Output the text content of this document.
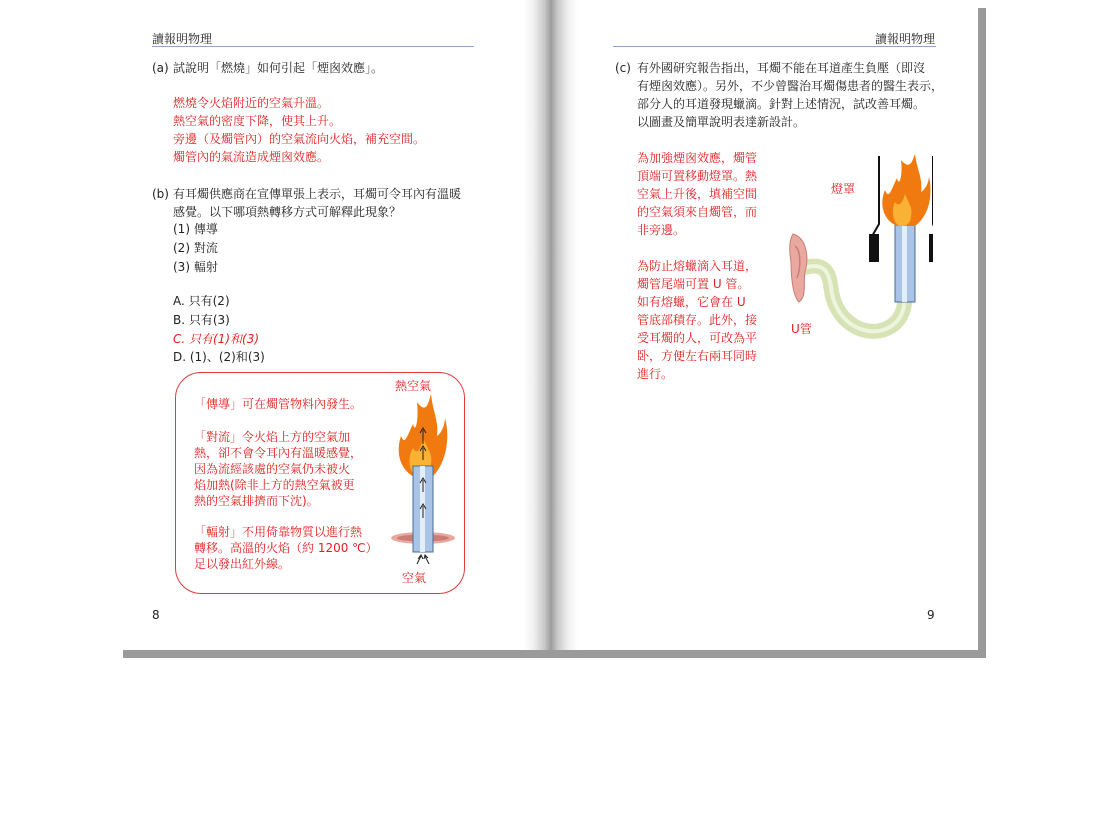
讀報明物理
(a) 試說明「燃燒」如何引起「煙囪效應」。
燃燒令火焰附近的空氣升溫。
熱空氣的密度下降，使其上升。
旁邊（及燭管內）的空氣流向火焰，補充空間。
燭管內的氣流造成煙囪效應。
(b) 有耳燭供應商在宣傳單張上表示，耳燭可令耳內有溫暖
感覺。以下哪項熱轉移方式可解釋此現象？
(1) 傳導
(2) 對流
(3) 輻射
A. 只有(2)
B. 只有(3)
C. 只有(1)和(3)
D. (1)、(2)和(3)
「傳導」可在燭管物料內發生。
「對流」令火焰上方的空氣加
熱，卻不會令耳內有溫暖感覺，
因為流經該處的空氣仍未被火
焰加熱(除非上方的熱空氣被更
熱的空氣排擠而下沈)。
「輻射」不用倚靠物質以進行熱
轉移。高溫的火焰（約 1200 ℃）
足以發出紅外線。
熱空氣
空氣
8
讀報明物理
(c) 有外國研究報告指出，耳燭不能在耳道產生負壓（即沒
有煙囪效應）。另外，不少曾醫治耳燭傷患者的醫生表示，
部分人的耳道發現蠟滴。針對上述情況，試改善耳燭。
以圖畫及簡單說明表達新設計。
為加強煙囪效應，燭管
頂端可置移動燈罩。熱
空氣上升後，填補空間
的空氣須來自燭管，而
非旁邊。
為防止熔蠟滴入耳道，
燭管尾端可置 U 管。
如有熔蠟，它會在 U
管底部積存。此外，接
受耳燭的人，可改為平
卧，方便左右兩耳同時
進行。
燈罩
U管
9
